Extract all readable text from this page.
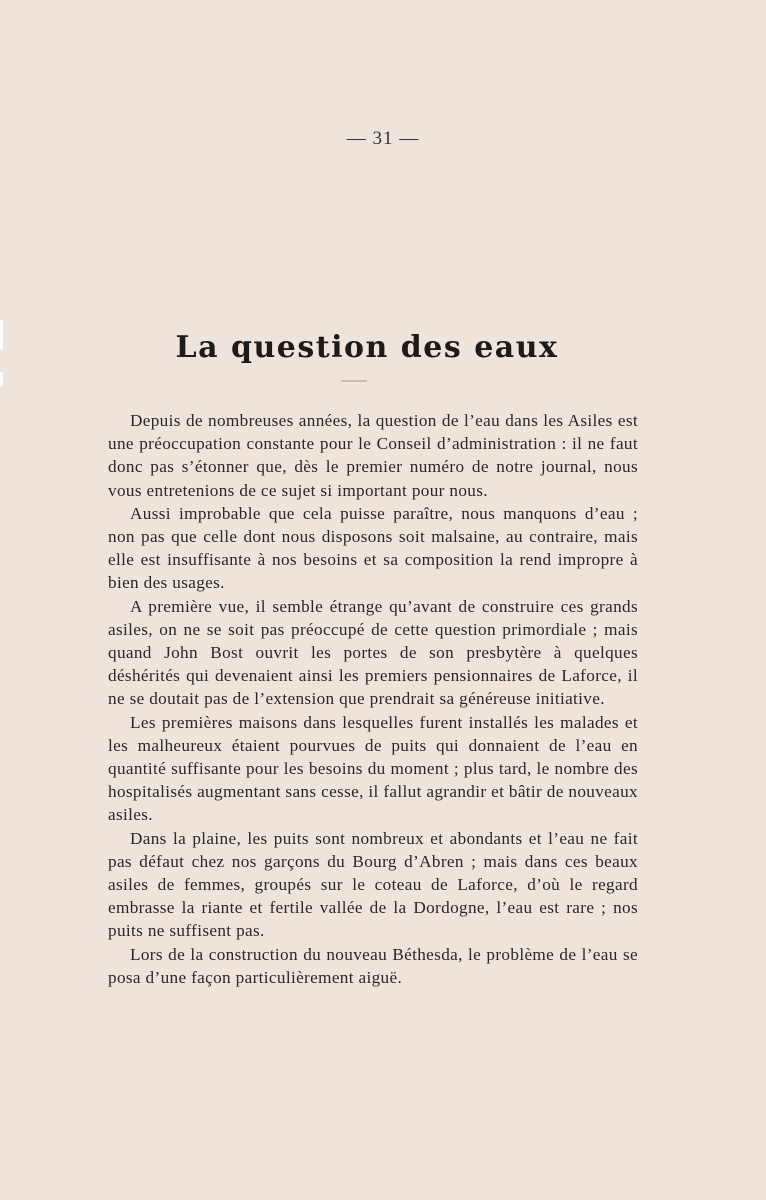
— 31 —
La question des eaux

Depuis de nombreuses années, la question de l’eau dans les Asiles est une préoccupation constante pour le Conseil d’administration : il ne faut donc pas s’étonner que, dès le premier numéro de notre journal, nous vous entretenions de ce sujet si important pour nous.

Aussi improbable que cela puisse paraître, nous manquons d’eau ; non pas que celle dont nous disposons soit malsaine, au contraire, mais elle est insuffisante à nos besoins et sa composition la rend impropre à bien des usages.

A première vue, il semble étrange qu’avant de construire ces grands asiles, on ne se soit pas préoccupé de cette question primordiale ; mais quand John Bost ouvrit les portes de son presbytère à quelques déshérités qui devenaient ainsi les premiers pensionnaires de Laforce, il ne se doutait pas de l’extension que prendrait sa généreuse initiative.

Les premières maisons dans lesquelles furent installés les malades et les malheureux étaient pourvues de puits qui donnaient de l’eau en quantité suffisante pour les besoins du moment ; plus tard, le nombre des hospitalisés augmentant sans cesse, il fallut agrandir et bâtir de nouveaux asiles.

Dans la plaine, les puits sont nombreux et abondants et l’eau ne fait pas défaut chez nos garçons du Bourg d’Abren ; mais dans ces beaux asiles de femmes, groupés sur le coteau de Laforce, d’où le regard embrasse la riante et fertile vallée de la Dordogne, l’eau est rare ; nos puits ne suffisent pas.

Lors de la construction du nouveau Béthesda, le problème de l’eau se posa d’une façon particulièrement aiguë.
